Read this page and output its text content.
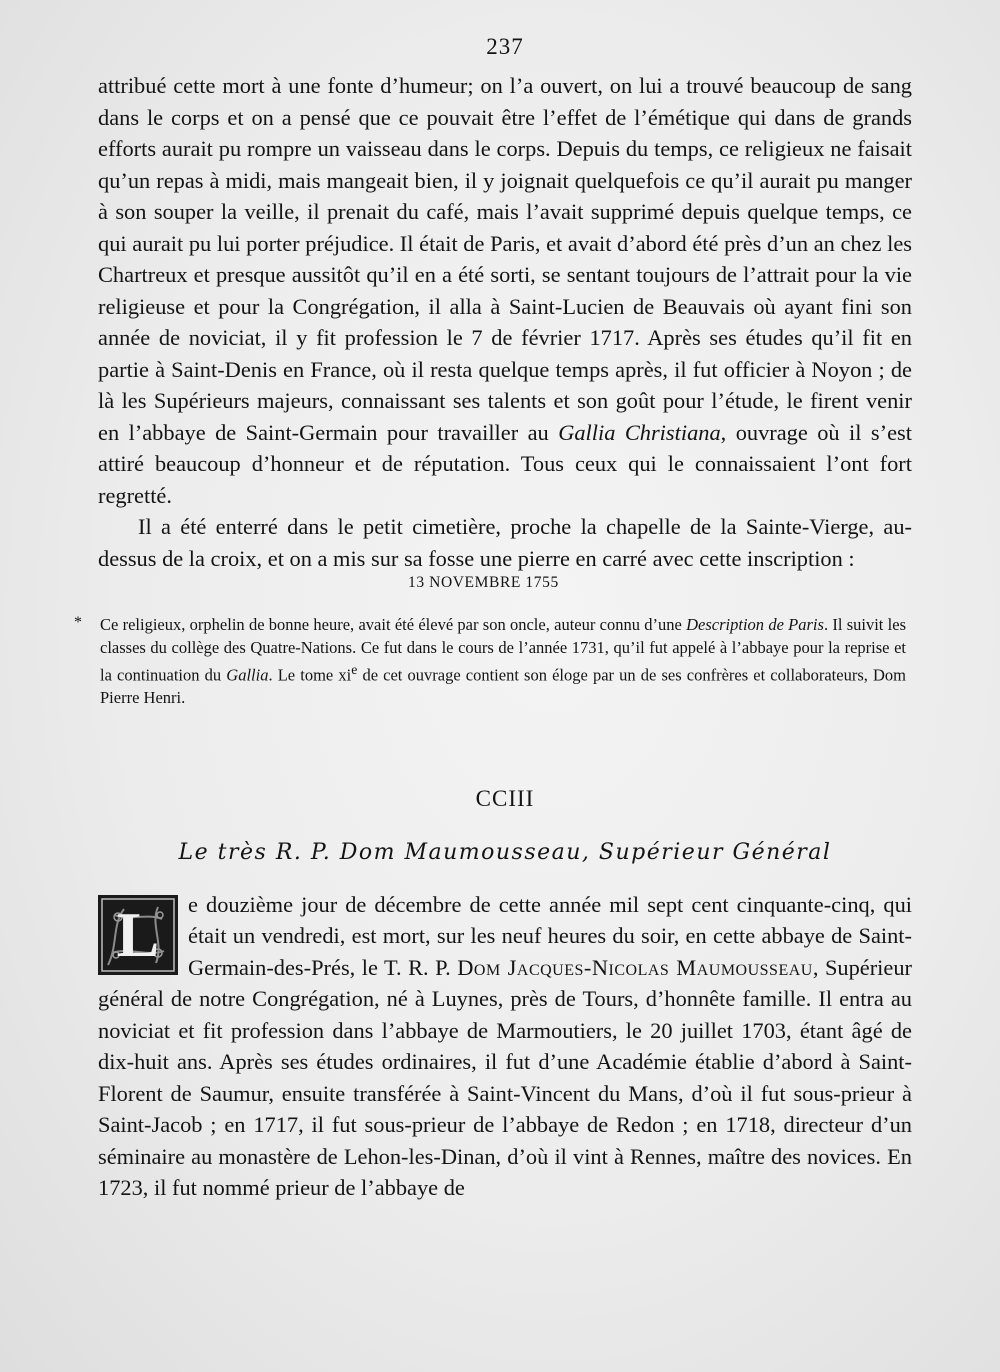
237

attribué cette mort à une fonte d’humeur; on l’a ouvert, on lui a trouvé beaucoup de sang dans le corps et on a pensé que ce pouvait être l’effet de l’émétique qui dans de grands efforts aurait pu rompre un vaisseau dans le corps. Depuis du temps, ce religieux ne faisait qu’un repas à midi, mais mangeait bien, il y joignait quelquefois ce qu’il aurait pu manger à son souper la veille, il prenait du café, mais l’avait supprimé depuis quelque temps, ce qui aurait pu lui porter préjudice. Il était de Paris, et avait d’abord été près d’un an chez les Chartreux et presque aussitôt qu’il en a été sorti, se sentant toujours de l’attrait pour la vie religieuse et pour la Congrégation, il alla à Saint-Lucien de Beauvais où ayant fini son année de noviciat, il y fit profession le 7 de février 1717. Après ses études qu’il fit en partie à Saint-Denis en France, où il resta quelque temps après, il fut officier à Noyon ; de là les Supérieurs majeurs, connaissant ses talents et son goût pour l’étude, le firent venir en l’abbaye de Saint-Germain pour travailler au Gallia Christiana, ouvrage où il s’est attiré beaucoup d’honneur et de réputation. Tous ceux qui le connaissaient l’ont fort regretté.

Il a été enterré dans le petit cimetière, proche la chapelle de la Sainte-Vierge, au-dessus de la croix, et on a mis sur sa fosse une pierre en carré avec cette inscription :

13 NOVEMBRE 1755
* Ce religieux, orphelin de bonne heure, avait été élevé par son oncle, auteur connu d’une Description de Paris. Il suivit les classes du collège des Quatre-Nations. Ce fut dans le cours de l’année 1731, qu’il fut appelé à l’abbaye pour la reprise et la continuation du Gallia. Le tome $xi^e$ de cet ouvrage contient son éloge par un de ses confrères et collaborateurs, Dom Pierre Henri.
CCIII
Le très R. P. Dom Maumousseau, Supérieur Général

L	e douzième jour de décembre de cette année mil sept cent cinquante-cinq, qui était un vendredi, est mort, sur les neuf heures du soir, en cette abbaye de Saint-Germain-des-Prés, le T. R. P. Dom Jacques-Nicolas Maumousseau, Supérieur général de notre Congrégation, né à Luynes, près de Tours, d’honnête famille. Il entra au noviciat et fit profession dans l’abbaye de Marmoutiers, le 20 juillet 1703, étant âgé de dix-huit ans. Après ses études ordinaires, il fut d’une Académie établie d’abord à Saint-Florent de Saumur, ensuite transférée à Saint-Vincent du Mans, d’où il fut sous-prieur à Saint-Jacob ; en 1717, il fut sous-prieur de l’abbaye de Redon ; en 1718, directeur d’un séminaire au monastère de Lehon-les-Dinan, d’où il vint à Rennes, maître des novices. En 1723, il fut nommé prieur de l’abbaye de
